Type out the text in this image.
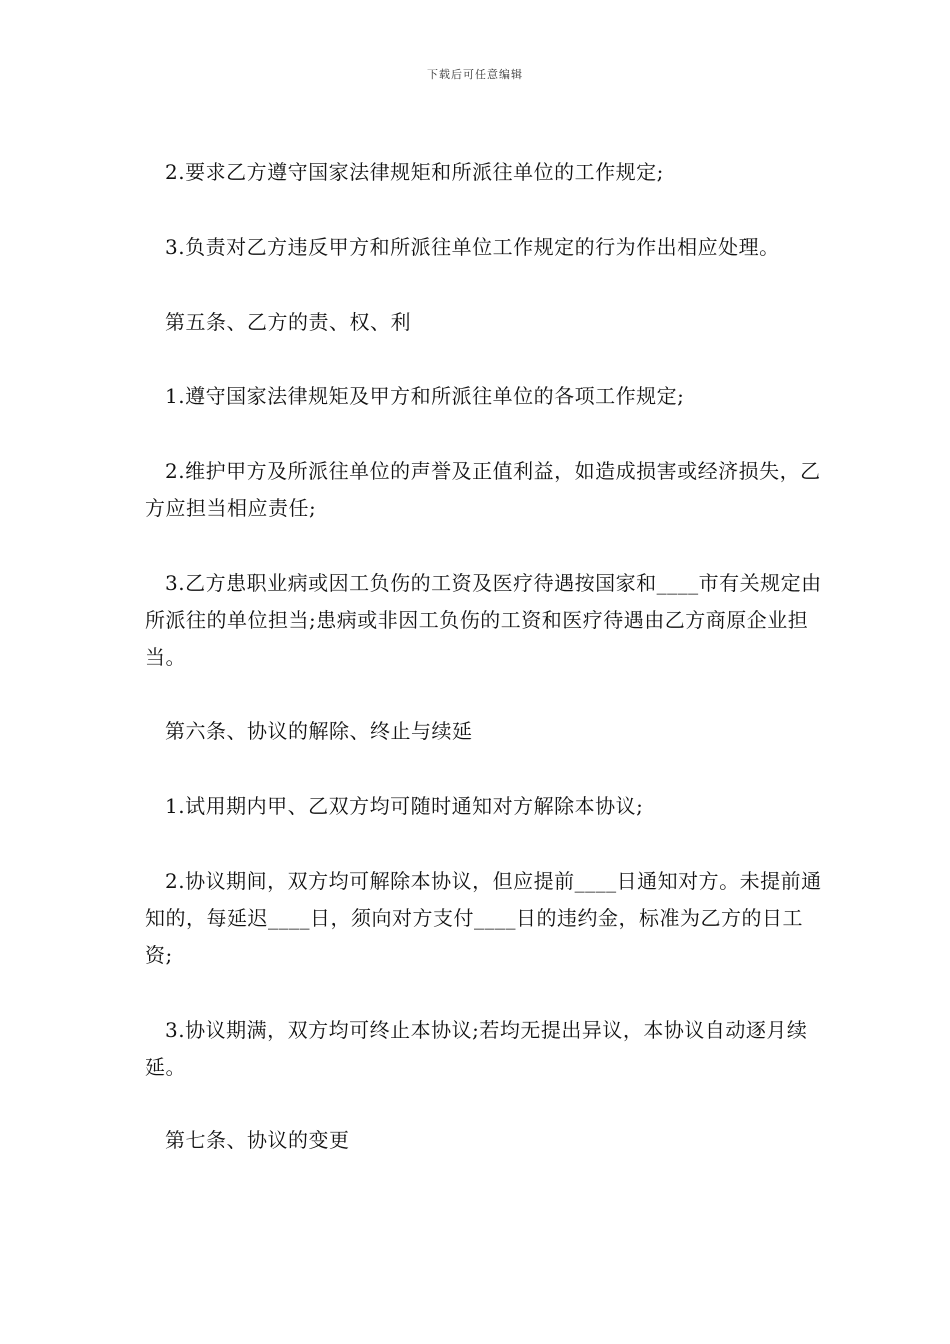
下载后可任意编辑

2.要求乙方遵守国家法律规矩和所派往单位的工作规定;

3.负责对乙方违反甲方和所派往单位工作规定的行为作出相应处理。

第五条、乙方的责、权、利

1.遵守国家法律规矩及甲方和所派往单位的各项工作规定;

2.维护甲方及所派往单位的声誉及正值利益，如造成损害或经济损失，乙方应担当相应责任;

3.乙方患职业病或因工负伤的工资及医疗待遇按国家和____市有关规定由所派往的单位担当;患病或非因工负伤的工资和医疗待遇由乙方商原企业担当。

第六条、协议的解除、终止与续延

1.试用期内甲、乙双方均可随时通知对方解除本协议;

2.协议期间，双方均可解除本协议，但应提前____日通知对方。未提前通知的，每延迟____日，须向对方支付____日的违约金，标准为乙方的日工资;

3.协议期满，双方均可终止本协议;若均无提出异议，本协议自动逐月续延。

第七条、协议的变更
